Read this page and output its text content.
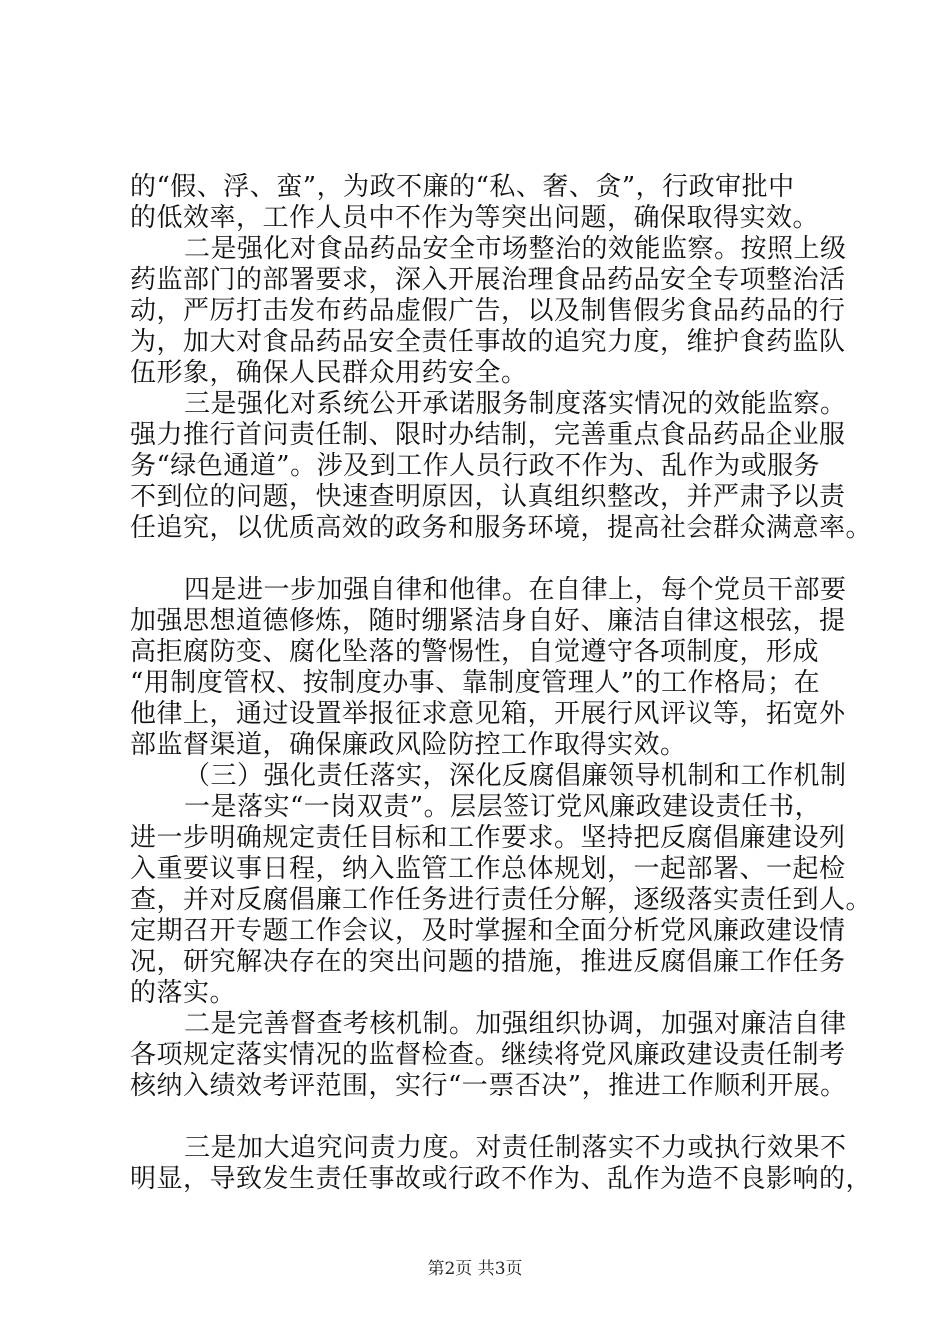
的“假、浮、蛮”，为政不廉的“私、奢、贪”，行政审批中
的低效率，工作人员中不作为等突出问题，确保取得实效。
二是强化对食品药品安全市场整治的效能监察。按照上级
药监部门的部署要求，深入开展治理食品药品安全专项整治活
动，严厉打击发布药品虚假广告，以及制售假劣食品药品的行
为，加大对食品药品安全责任事故的追究力度，维护食药监队
伍形象，确保人民群众用药安全。
三是强化对系统公开承诺服务制度落实情况的效能监察。
强力推行首问责任制、限时办结制，完善重点食品药品企业服
务“绿色通道”。涉及到工作人员行政不作为、乱作为或服务
不到位的问题，快速查明原因，认真组织整改，并严肃予以责
任追究，以优质高效的政务和服务环境，提高社会群众满意率。
四是进一步加强自律和他律。在自律上，每个党员干部要
加强思想道德修炼，随时绷紧洁身自好、廉洁自律这根弦，提
高拒腐防变、腐化坠落的警惕性，自觉遵守各项制度，形成
“用制度管权、按制度办事、靠制度管理人”的工作格局；在
他律上，通过设置举报征求意见箱，开展行风评议等，拓宽外
部监督渠道，确保廉政风险防控工作取得实效。
（三）强化责任落实，深化反腐倡廉领导机制和工作机制
一是落实“一岗双责”。层层签订党风廉政建设责任书，
进一步明确规定责任目标和工作要求。坚持把反腐倡廉建设列
入重要议事日程，纳入监管工作总体规划，一起部署、一起检
查，并对反腐倡廉工作任务进行责任分解，逐级落实责任到人。
定期召开专题工作会议，及时掌握和全面分析党风廉政建设情
况，研究解决存在的突出问题的措施，推进反腐倡廉工作任务
的落实。
二是完善督查考核机制。加强组织协调，加强对廉洁自律
各项规定落实情况的监督检查。继续将党风廉政建设责任制考
核纳入绩效考评范围，实行“一票否决”，推进工作顺利开展。
三是加大追究问责力度。对责任制落实不力或执行效果不
明显，导致发生责任事故或行政不作为、乱作为造不良影响的，
第2页 共3页
